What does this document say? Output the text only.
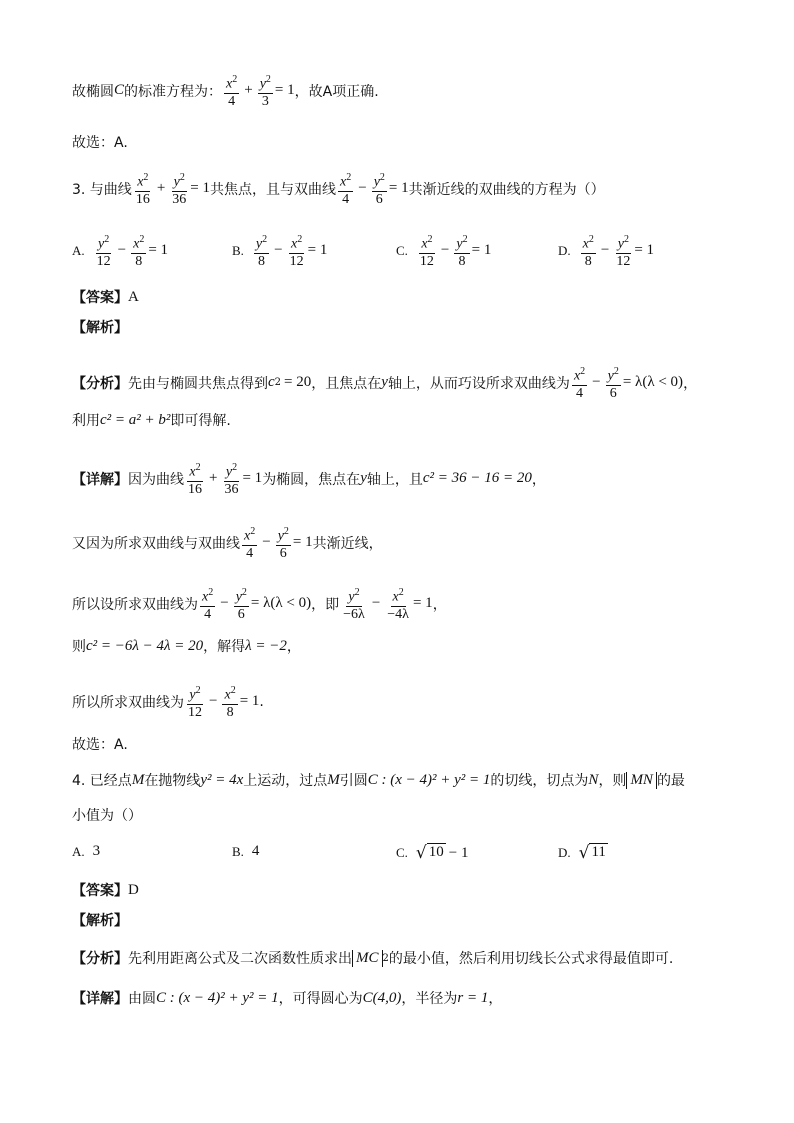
故椭圆 C 的标准方程为： $\frac{x^2}{4} + \frac{y^2}{3} = 1$ ，故A项正确.
故选：A.
3. 与曲线 $\frac{x^2}{16} + \frac{y^2}{36} = 1$ 共焦点，且与双曲线 $\frac{x^2}{4} - \frac{y^2}{6} = 1$ 共渐近线的双曲线的方程为（）
A. $\frac{y^2}{12} - \frac{x^2}{8} = 1$	B. $\frac{y^2}{8} - \frac{x^2}{12} = 1$	C. $\frac{x^2}{12} - \frac{y^2}{8} = 1$	D. $\frac{x^2}{8} - \frac{y^2}{12} = 1$
【答案】 A
【解析】
【分析】 先由与椭圆共焦点得到 c 2 = 20 ，且焦点在 y 轴上，从而巧设所求双曲线为 $\frac{x^2}{4} - \frac{y^2}{6} = \lambda(\lambda < 0)$ ，
利用 c² = a² + b² 即可得解.
【详解】 因为曲线 $\frac{x^2}{16} + \frac{y^2}{36} = 1$ 为椭圆，焦点在 y 轴上，且 c² = 36 − 16 = 20 ，
又因为所求双曲线与双曲线 $\frac{x^2}{4} - \frac{y^2}{6} = 1$ 共渐近线，
所以设所求双曲线为 $\frac{x^2}{4} - \frac{y^2}{6} = \lambda(\lambda < 0)$ ，即 $\frac{y^2}{-6\lambda} - \frac{x^2}{-4\lambda} = 1$ ，
则 c² = −6λ − 4λ = 20 ，解得 λ = −2 ，
所以所求双曲线为 $\frac{y^2}{12} - \frac{x^2}{8} = 1$ .
故选：A.
4. 已经点 M 在抛物线 y² = 4x 上运动，过点 M 引圆 C : (x − 4)² + y² = 1 的切线，切点为 N ，则 MN 的最
小值为（）
A. 3	B. 4	C. √ 10 − 1	D. √ 11
【答案】 D
【解析】
【分析】 先利用距离公式及二次函数性质求出 MC 2 的最小值，然后利用切线长公式求得最值即可.
【详解】 由圆 C : (x − 4)² + y² = 1 ，可得圆心为 C(4,0) ，半径为 r = 1 ，
